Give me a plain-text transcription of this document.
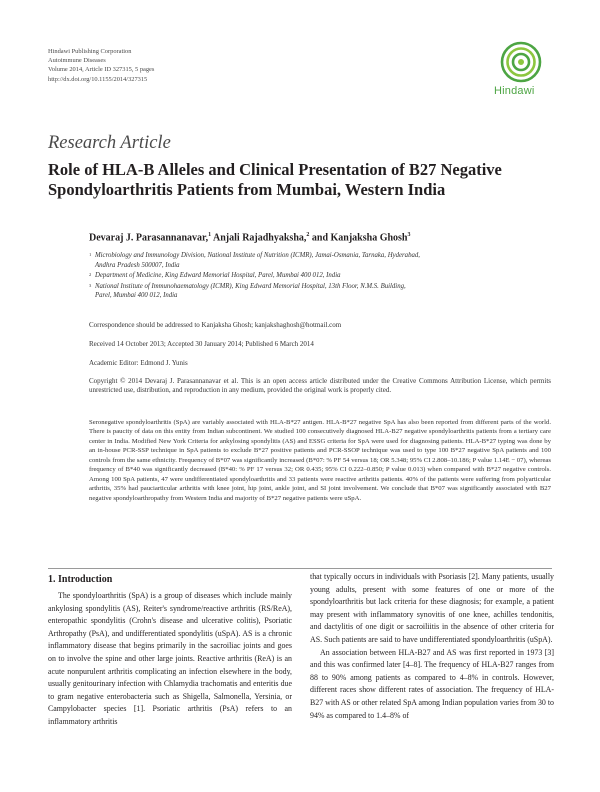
Hindawi Publishing Corporation
Autoimmune Diseases
Volume 2014, Article ID 327315, 5 pages
http://dx.doi.org/10.1155/2014/327315
Hindawi
Research Article
Role of HLA-B Alleles and Clinical Presentation of B27 Negative Spondyloarthritis Patients from Mumbai, Western India
Devaraj J. Parasannanavar,$^1$ Anjali Rajadhyaksha,$^2$ and Kanjaksha Ghosh$^3$
1 Microbiology and Immunology Division, National Institute of Nutrition (ICMR), Jamai-Osmania, Tarnaka, Hyderabad,
Andhra Pradesh 500007, India
2 Department of Medicine, King Edward Memorial Hospital, Parel, Mumbai 400 012, India
3 National Institute of Immunohaematology (ICMR), King Edward Memorial Hospital, 13th Floor, N.M.S. Building,
Parel, Mumbai 400 012, India
Correspondence should be addressed to Kanjaksha Ghosh; kanjakshaghosh@hotmail.com
Received 14 October 2013; Accepted 30 January 2014; Published 6 March 2014
Academic Editor: Edmond J. Yunis
Copyright © 2014 Devaraj J. Parasannanavar et al. This is an open access article distributed under the Creative Commons Attribution License, which permits unrestricted use, distribution, and reproduction in any medium, provided the original work is properly cited.
Seronegative spondyloarthritis (SpA) are variably associated with HLA-B*27 antigen. HLA-B*27 negative SpA has also been reported from different parts of the world. There is paucity of data on this entity from Indian subcontinent. We studied 100 consecutively diagnosed HLA-B27 negative spondyloarthritis patients from a tertiary care center in India. Modified New York Criteria for ankylosing spondylitis (AS) and ESSG criteria for SpA were used for diagnosing patients. HLA-B*27 typing was done by an in-house PCR-SSP technique in SpA patients to exclude B*27 positive patients and PCR-SSOP technique was used to type 100 B*27 negative SpA patients and 100 controls from the same ethnicity. Frequency of B*07 was significantly increased (B*07: % PF 54 versus 18; OR 5.348; 95% CI 2.808–10.186; P value 1.14E − 07), whereas frequency of B*40 was significantly decreased (B*40: % PF 17 versus 32; OR 0.435; 95% CI 0.222–0.850; P value 0.013) when compared with B*27 negative controls. Among 100 SpA patients, 47 were undifferentiated spondyloarthritis and 33 patients were reactive arthritis patients. 40% of the patients were suffering from polyarticular arthritis, 35% had pauciarticular arthritis with knee joint, hip joint, ankle joint, and SI joint involvement. We conclude that B*07 was significantly associated with B27 negative spondyloarthropathy from Western India and majority of B*27 negative patients were uSpA.
1. Introduction

The spondyloarthritis (SpA) is a group of diseases which include mainly ankylosing spondylitis (AS), Reiter's syndrome/reactive arthritis (RS/ReA), enteropathic spondylitis (Crohn's disease and ulcerative colitis), Psoriatic Arthropathy (PsA), and undifferentiated spondylitis (uSpA). AS is a chronic inflammatory disease that begins primarily in the sacroiliac joints and goes on to involve the spine and other large joints. Reactive arthritis (ReA) is an acute nonpurulent arthritis complicating an infection elsewhere in the body, usually genitourinary infection with Chlamydia trachomatis and enteritis due to gram negative enterobacteria such as Shigella, Salmonella, Yersinia, or Campylobacter species [1]. Psoriatic arthritis (PsA) refers to an inflammatory arthritis

that typically occurs in individuals with Psoriasis [2]. Many patients, usually young adults, present with some features of one or more of the spondyloarthritis but lack criteria for these diagnosis; for example, a patient may present with inflammatory synovitis of one knee, achilles tendonitis, and dactylitis of one digit or sacroiliitis in the absence of other criteria for AS. Such patients are said to have undifferentiated spondyloarthritis (uSpA).

An association between HLA-B27 and AS was first reported in 1973 [3] and this was confirmed later [4–8]. The frequency of HLA-B27 ranges from 88 to 90% among patients as compared to 4–8% in controls. However, different races show different rates of association. The frequency of HLA-B27 with AS or other related SpA among Indian population varies from 30 to 94% as compared to 1.4–8% of
